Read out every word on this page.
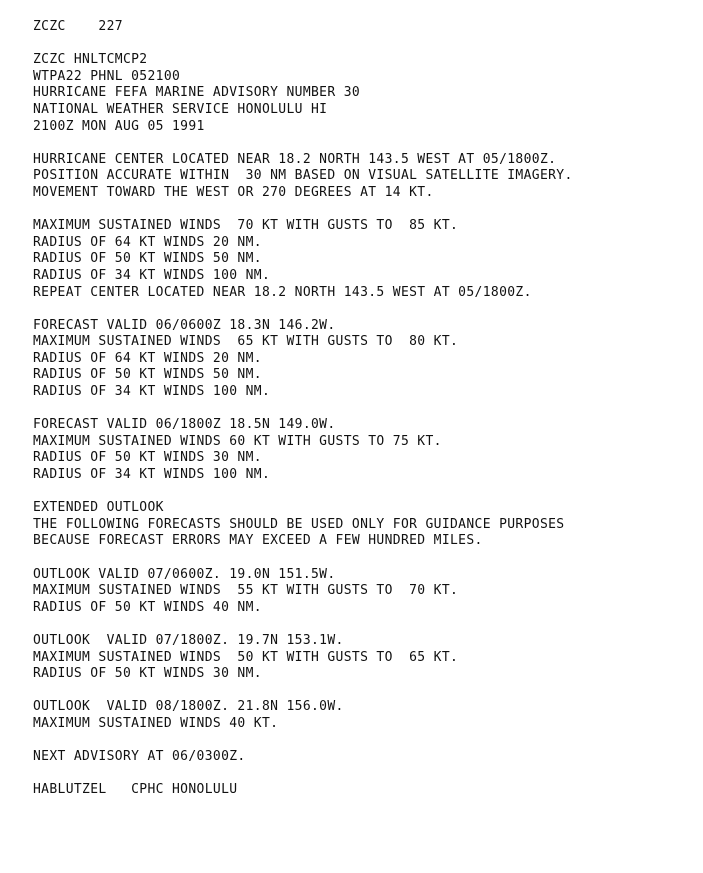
ZCZC    227
ZCZC HNLTCMCP2
WTPA22 PHNL 052100
HURRICANE FEFA MARINE ADVISORY NUMBER 30
NATIONAL WEATHER SERVICE HONOLULU HI
2100Z MON AUG 05 1991
HURRICANE CENTER LOCATED NEAR 18.2 NORTH 143.5 WEST AT 05/1800Z.
POSITION ACCURATE WITHIN  30 NM BASED ON VISUAL SATELLITE IMAGERY.
MOVEMENT TOWARD THE WEST OR 270 DEGREES AT 14 KT.
MAXIMUM SUSTAINED WINDS  70 KT WITH GUSTS TO  85 KT.
RADIUS OF 64 KT WINDS 20 NM.
RADIUS OF 50 KT WINDS 50 NM.
RADIUS OF 34 KT WINDS 100 NM.
REPEAT CENTER LOCATED NEAR 18.2 NORTH 143.5 WEST AT 05/1800Z.
FORECAST VALID 06/0600Z 18.3N 146.2W.
MAXIMUM SUSTAINED WINDS  65 KT WITH GUSTS TO  80 KT.
RADIUS OF 64 KT WINDS 20 NM.
RADIUS OF 50 KT WINDS 50 NM.
RADIUS OF 34 KT WINDS 100 NM.
FORECAST VALID 06/1800Z 18.5N 149.0W.
MAXIMUM SUSTAINED WINDS 60 KT WITH GUSTS TO 75 KT.
RADIUS OF 50 KT WINDS 30 NM.
RADIUS OF 34 KT WINDS 100 NM.
EXTENDED OUTLOOK
THE FOLLOWING FORECASTS SHOULD BE USED ONLY FOR GUIDANCE PURPOSES
BECAUSE FORECAST ERRORS MAY EXCEED A FEW HUNDRED MILES.
OUTLOOK VALID 07/0600Z. 19.0N 151.5W.
MAXIMUM SUSTAINED WINDS  55 KT WITH GUSTS TO  70 KT.
RADIUS OF 50 KT WINDS 40 NM.
OUTLOOK  VALID 07/1800Z. 19.7N 153.1W.
MAXIMUM SUSTAINED WINDS  50 KT WITH GUSTS TO  65 KT.
RADIUS OF 50 KT WINDS 30 NM.
OUTLOOK  VALID 08/1800Z. 21.8N 156.0W.
MAXIMUM SUSTAINED WINDS 40 KT.
NEXT ADVISORY AT 06/0300Z.
HABLUTZEL   CPHC HONOLULU
